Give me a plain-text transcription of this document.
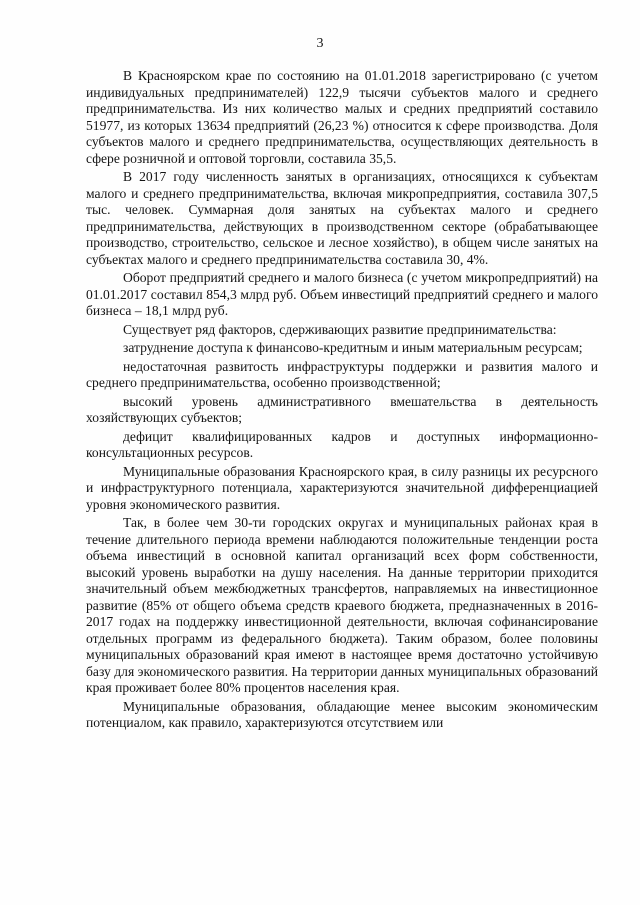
3

В Красноярском крае по состоянию на 01.01.2018 зарегистрировано (с учетом индивидуальных предпринимателей) 122,9 тысячи субъектов малого и среднего предпринимательства. Из них количество малых и средних предприятий составило 51977, из которых 13634 предприятий (26,23 %) относится к сфере производства. Доля субъектов малого и среднего предпринимательства, осуществляющих деятельность в сфере розничной и оптовой торговли, составила 35,5.

В 2017 году численность занятых в организациях, относящихся к субъектам малого и среднего предпринимательства, включая микропредприятия, составила 307,5 тыс. человек. Суммарная доля занятых на субъектах малого и среднего предпринимательства, действующих в производственном секторе (обрабатывающее производство, строительство, сельское и лесное хозяйство), в общем числе занятых на субъектах малого и среднего предпринимательства составила 30, 4%.

Оборот предприятий среднего и малого бизнеса (с учетом микропредприятий) на 01.01.2017 составил 854,3 млрд руб. Объем инвестиций предприятий среднего и малого бизнеса – 18,1 млрд руб.

Существует ряд факторов, сдерживающих развитие предпринимательства:

затруднение доступа к финансово-кредитным и иным материальным ресурсам;

недостаточная развитость инфраструктуры поддержки и развития малого и среднего предпринимательства, особенно производственной;

высокий уровень административного вмешательства в деятельность хозяйствующих субъектов;

дефицит квалифицированных кадров и доступных информационно-консультационных ресурсов.

Муниципальные образования Красноярского края, в силу разницы их ресурсного и инфраструктурного потенциала, характеризуются значительной дифференциацией уровня экономического развития.

Так, в более чем 30-ти городских округах и муниципальных районах края в течение длительного периода времени наблюдаются положительные тенденции роста объема инвестиций в основной капитал организаций всех форм собственности, высокий уровень выработки на душу населения. На данные территории приходится значительный объем межбюджетных трансфертов, направляемых на инвестиционное развитие (85% от общего объема средств краевого бюджета, предназначенных в 2016-2017 годах на поддержку инвестиционной деятельности, включая софинансирование отдельных программ из федерального бюджета). Таким образом, более половины муниципальных образований края имеют в настоящее время достаточно устойчивую базу для экономического развития. На территории данных муниципальных образований края проживает более 80% процентов населения края.

Муниципальные образования, обладающие менее высоким экономическим потенциалом, как правило, характеризуются отсутствием или
